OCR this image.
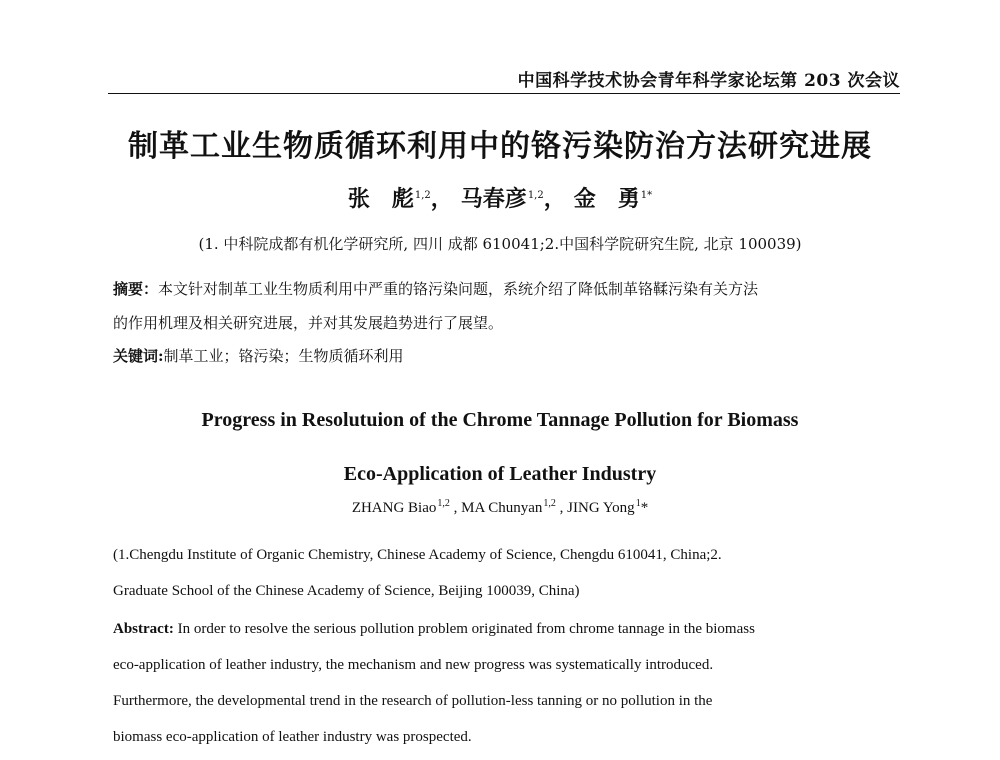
中国科学技术协会青年科学家论坛第 203 次会议
制革工业生物质循环利用中的铬污染防治方法研究进展
张　彪$^{1,2}$， 马春彦$^{1,2}$， 金　勇$^{1*}$
(1. 中科院成都有机化学研究所, 四川 成都 610041;2.中国科学院研究生院, 北京 100039)
摘要：本文针对制革工业生物质利用中严重的铬污染问题，系统介绍了降低制革铬鞣污染有关方法
的作用机理及相关研究进展，并对其发展趋势进行了展望。
关键词:制革工业；铬污染；生物质循环利用
Progress in Resolutuion of the Chrome Tannage Pollution for Biomass
Eco-Application of Leather Industry
ZHANG Biao$^{1,2}$ , MA Chunyan$^{1,2}$ , JING Yong$^1$*
(1.Chengdu Institute of Organic Chemistry, Chinese Academy of Science, Chengdu 610041, China;2.
Graduate School of the Chinese Academy of Science, Beijing 100039, China)
Abstract: In order to resolve the serious pollution problem originated from chrome tannage in the biomass
eco-application of leather industry, the mechanism and new progress was systematically introduced.
Furthermore, the developmental trend in the research of pollution-less tanning or no pollution in the
biomass eco-application of leather industry was prospected.
